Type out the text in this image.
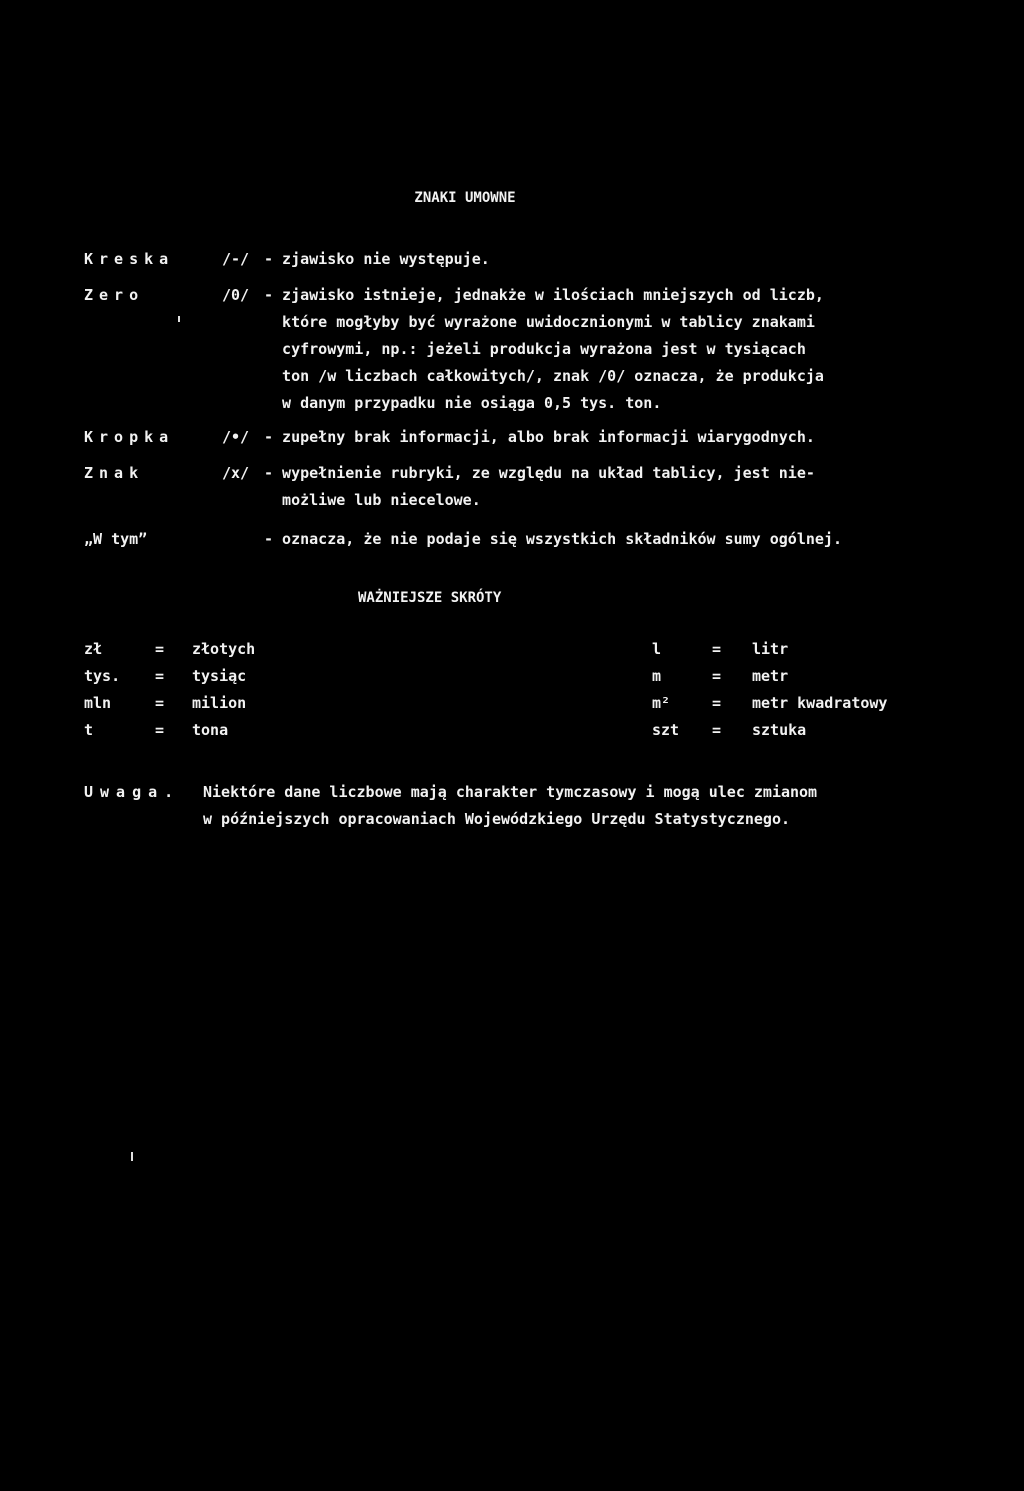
ZNAKI UMOWNE
Kreska	/-/ - zjawisko nie występuje.
Zero	/0/ - zjawisko istnieje, jednakże w ilościach mniejszych od liczb,
które mogłyby być wyrażone uwidocznionymi w tablicy znakami
cyfrowymi, np.: jeżeli produkcja wyrażona jest w tysiącach
ton /w liczbach całkowitych/, znak /0/ oznacza, że produkcja
w danym przypadku nie osiąga 0,5 tys. ton.
Kropka	/•/ - zupełny brak informacji, albo brak informacji wiarygodnych.
Znak	/x/ - wypełnienie rubryki, ze względu na układ tablicy, jest nie-
możliwe lub niecelowe.
„W tym”	- oznacza, że nie podaje się wszystkich składników sumy ogólnej.
WAŻNIEJSZE SKRÓTY
zł	= złotych	l	= litr
tys. = tysiąc	m	= metr
mln	= milion	m²	= metr kwadratowy
t	= tona	szt = sztuka
Uwaga. Niektóre dane liczbowe mają charakter tymczasowy i mogą ulec zmianom
w późniejszych opracowaniach Wojewódzkiego Urzędu Statystycznego.
